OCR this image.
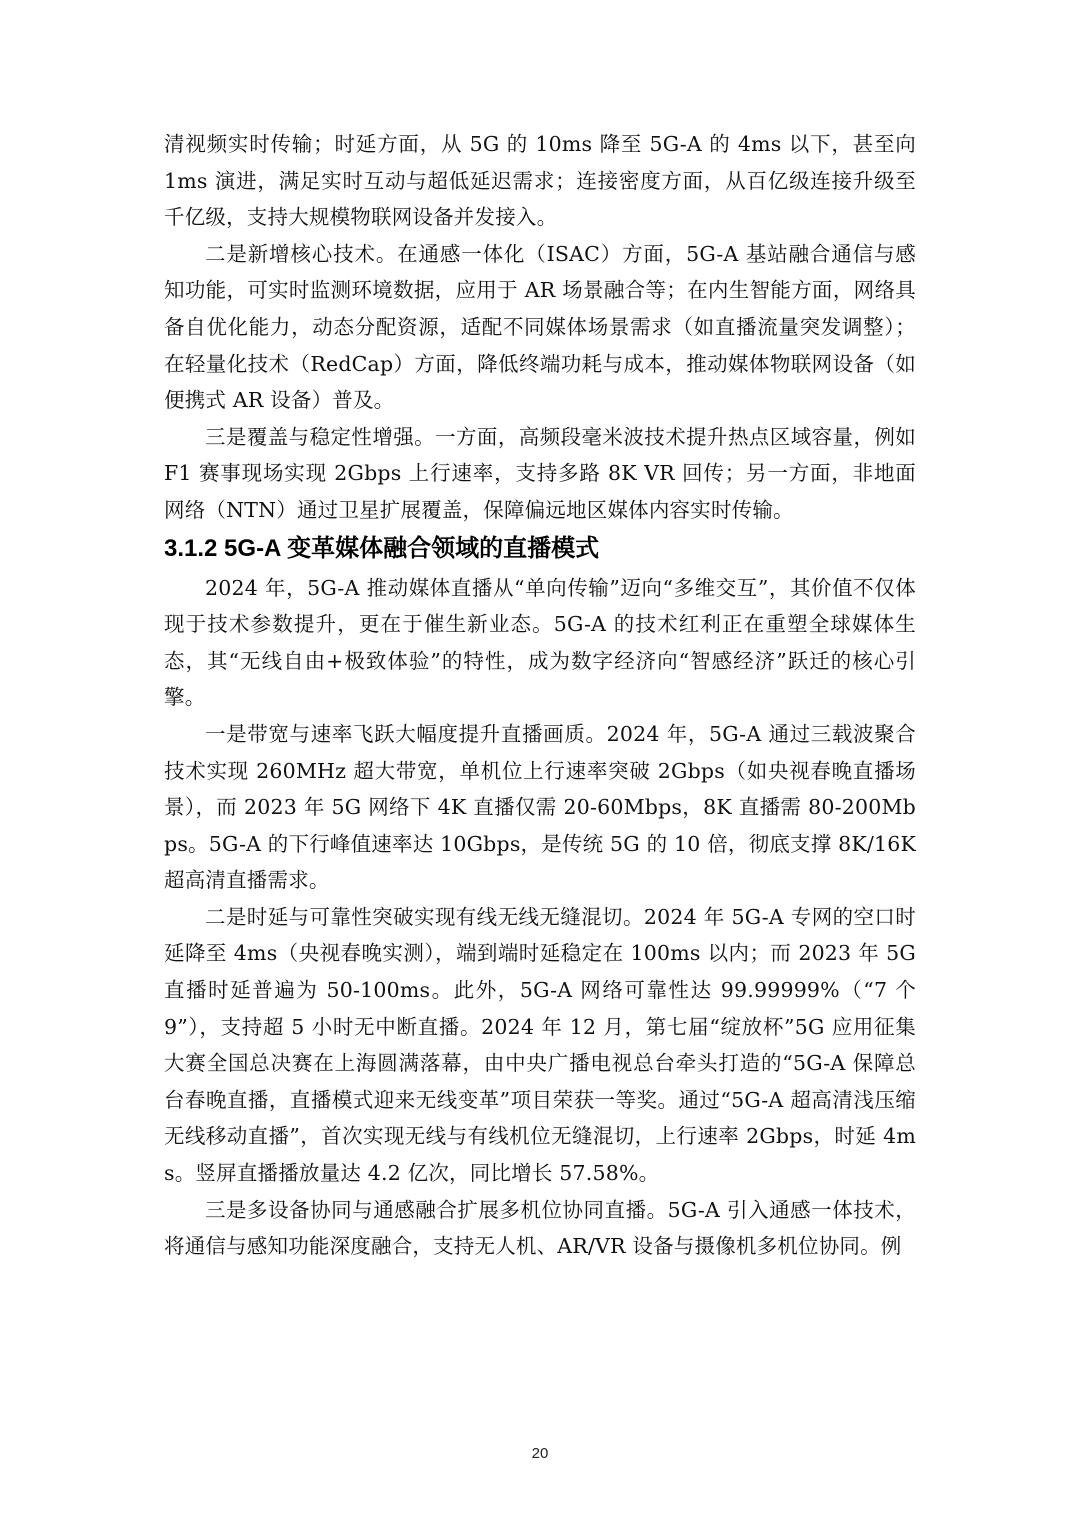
清视频实时传输；时延方面，从 5G 的 10ms 降至 5G-A 的 4ms 以下，甚至向 1ms 演进，满足实时互动与超低延迟需求；连接密度方面，从百亿级连接升级至千亿级，支持大规模物联网设备并发接入。

二是新增核心技术。在通感一体化（ISAC）方面，5G-A 基站融合通信与感知功能，可实时监测环境数据，应用于 AR 场景融合等；在内生智能方面，网络具备自优化能力，动态分配资源，适配不同媒体场景需求（如直播流量突发调整）；在轻量化技术（RedCap）方面，降低终端功耗与成本，推动媒体物联网设备（如便携式 AR 设备）普及。

三是覆盖与稳定性增强。一方面，高频段毫米波技术提升热点区域容量，例如 F1 赛事现场实现 2Gbps 上行速率，支持多路 8K VR 回传；另一方面，非地面网络（NTN）通过卫星扩展覆盖，保障偏远地区媒体内容实时传输。

3.1.2 5G-A 变革媒体融合领域的直播模式

2024 年，5G-A 推动媒体直播从“单向传输”迈向“多维交互”，其价值不仅体现于技术参数提升，更在于催生新业态。5G-A 的技术红利正在重塑全球媒体生态，其“无线自由+极致体验”的特性，成为数字经济向“智感经济”跃迁的核心引擎。

一是带宽与速率飞跃大幅度提升直播画质。2024 年，5G-A 通过三载波聚合技术实现 260MHz 超大带宽，单机位上行速率突破 2Gbps（如央视春晚直播场景），而 2023 年 5G 网络下 4K 直播仅需 20-60Mbps，8K 直播需 80-200Mbps。5G-A 的下行峰值速率达 10Gbps，是传统 5G 的 10 倍，彻底支撑 8K/16K 超高清直播需求。

二是时延与可靠性突破实现有线无线无缝混切。2024 年 5G-A 专网的空口时延降至 4ms（央视春晚实测），端到端时延稳定在 100ms 以内；而 2023 年 5G 直播时延普遍为 50-100ms。此外，5G-A 网络可靠性达 99.99999%（“7 个 9”），支持超 5 小时无中断直播。2024 年 12 月，第七届“绽放杯”5G 应用征集大赛全国总决赛在上海圆满落幕，由中央广播电视总台牵头打造的“5G-A 保障总台春晚直播，直播模式迎来无线变革”项目荣获一等奖。通过“5G-A 超高清浅压缩无线移动直播”，首次实现无线与有线机位无缝混切，上行速率 2Gbps，时延 4ms。竖屏直播播放量达 4.2 亿次，同比增长 57.58%。

三是多设备协同与通感融合扩展多机位协同直播。5G-A 引入通感一体技术，将通信与感知功能深度融合，支持无人机、AR/VR 设备与摄像机多机位协同。例

20
